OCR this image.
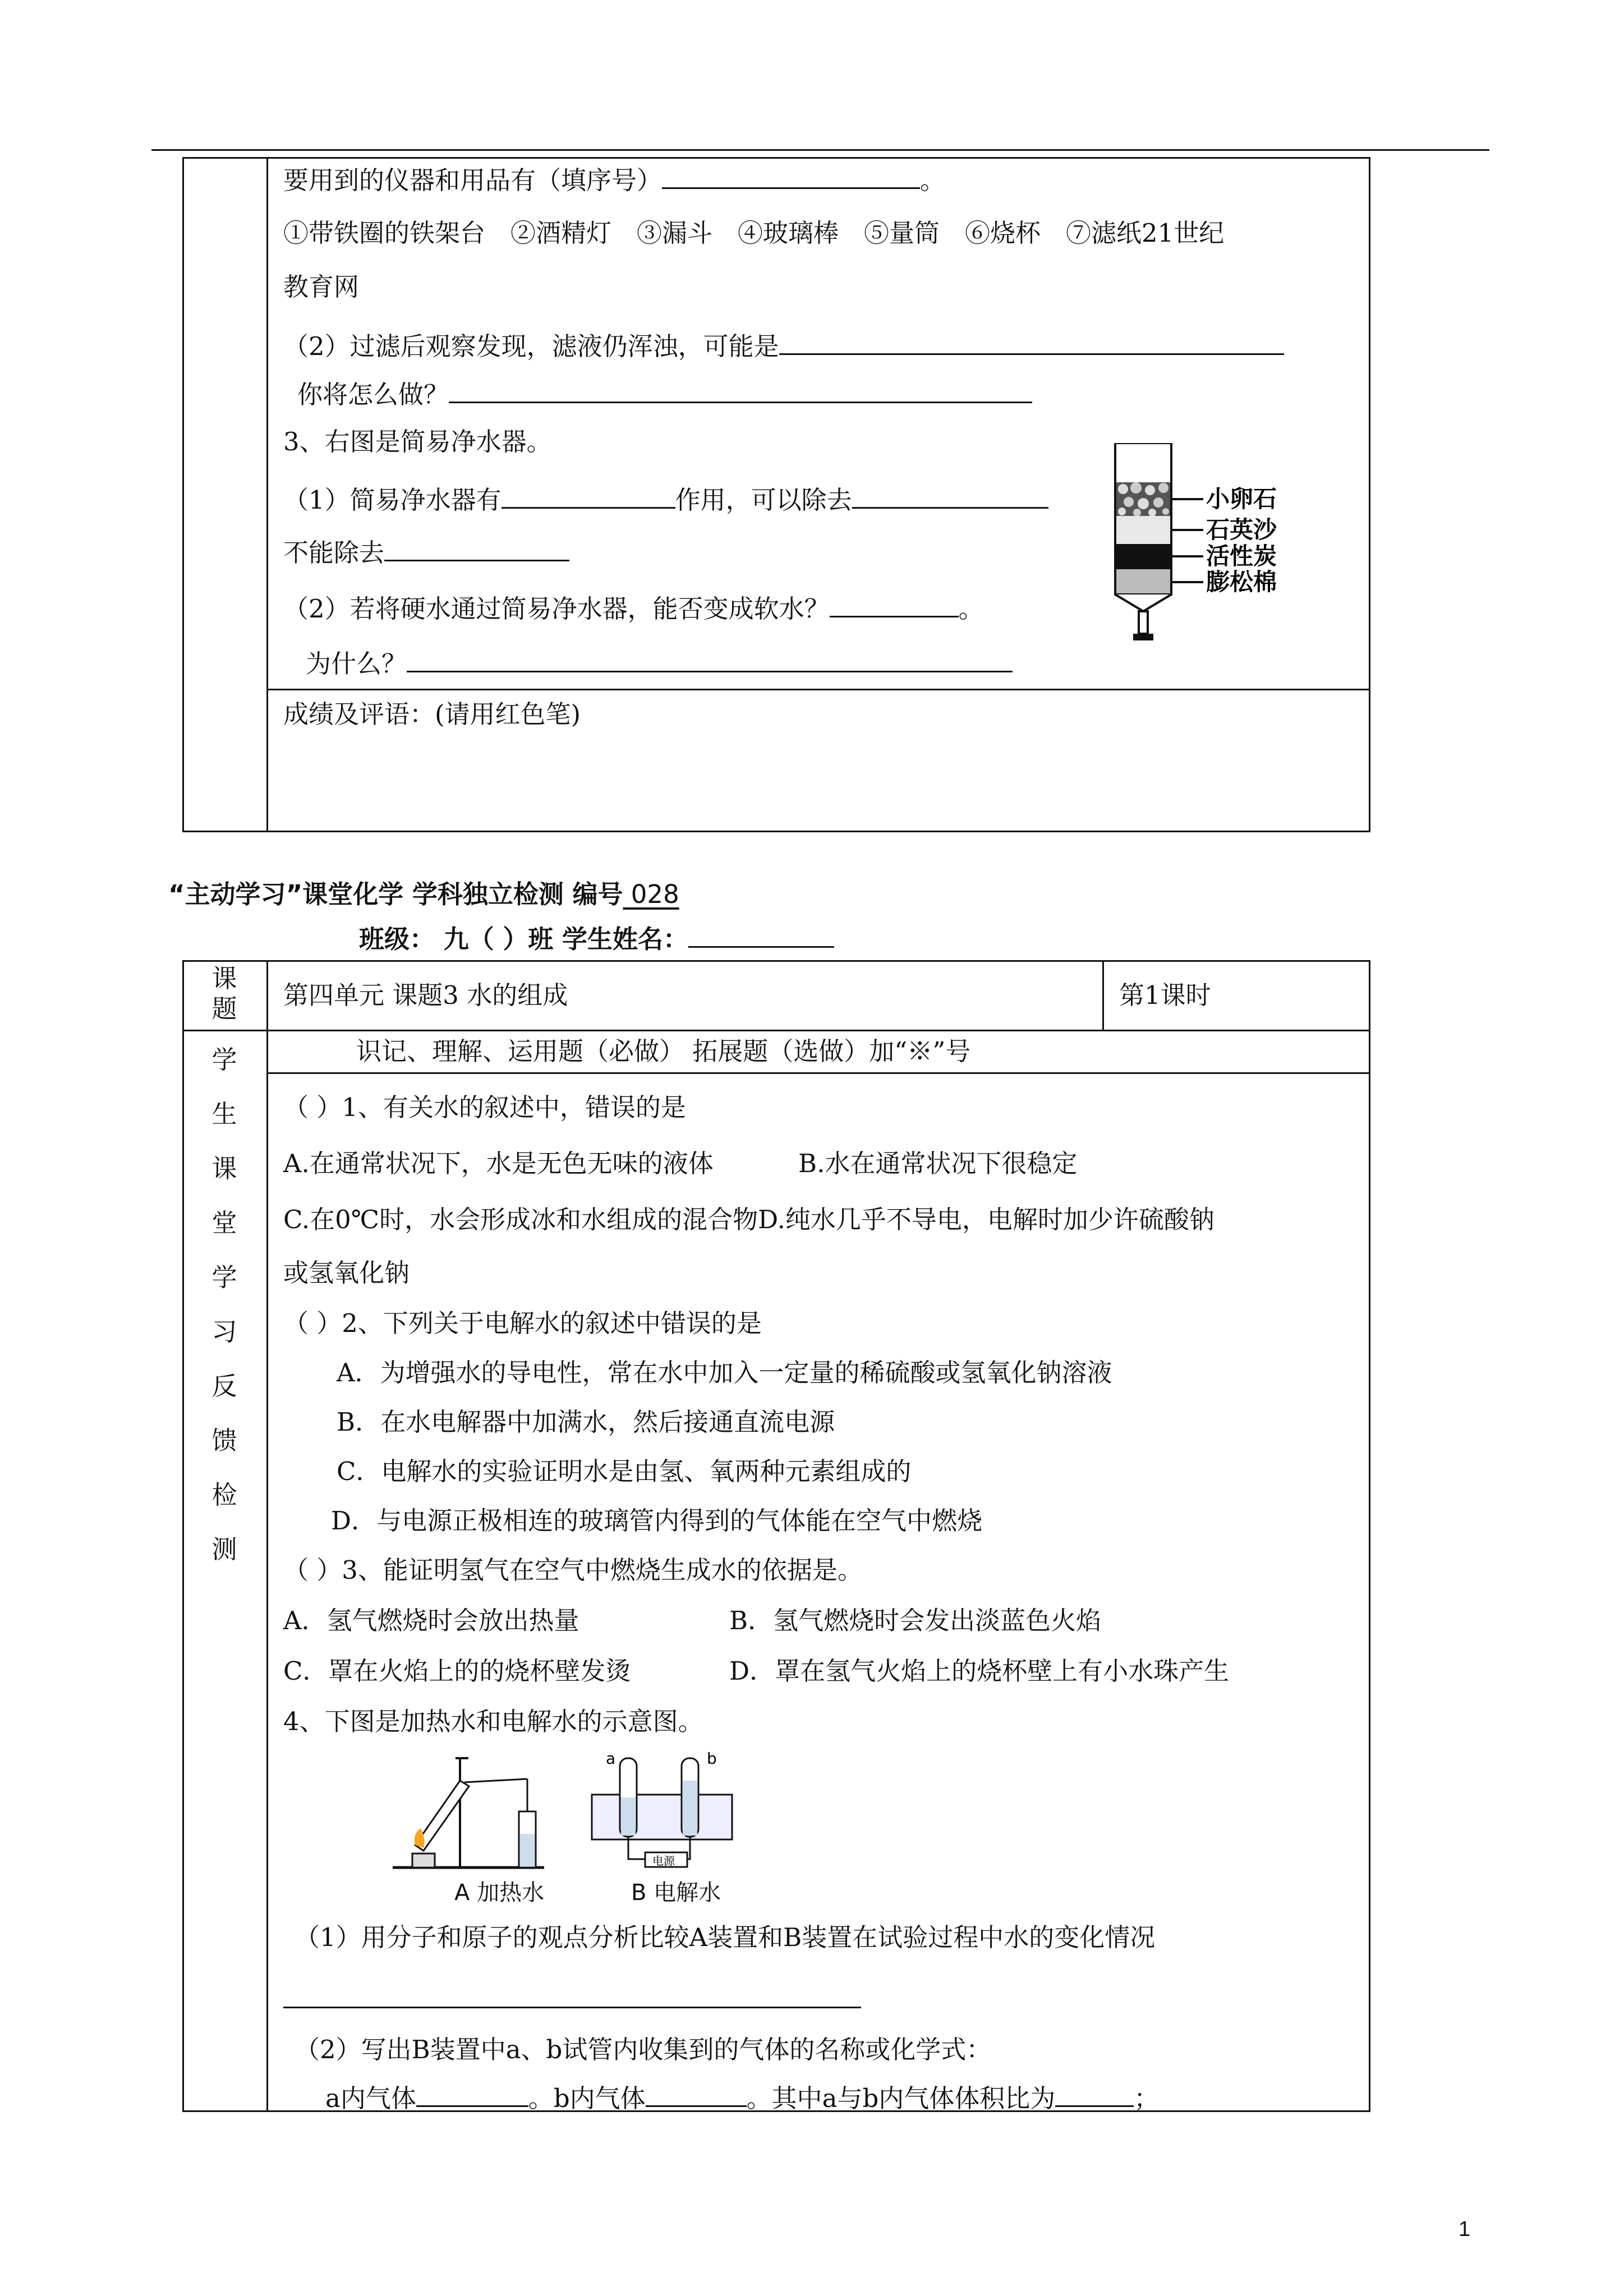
要用到的仪器和用品有（填序号）	。
①带铁圈的铁架台　②酒精灯　③漏斗　④玻璃棒　⑤量筒　⑥烧杯　⑦滤纸21世纪
教育网
（2）过滤后观察发现，滤液仍浑浊，可能是
你将怎么做？
3、右图是简易净水器。
（1）简易净水器有	作用，可以除去
不能除去
（2）若将硬水通过简易净水器，能否变成软水？	。
为什么？
小卵石
石英沙
活性炭
膨松棉
成绩及评语：(请用红色笔)
“主动学习”课堂化学 学科独立检测 编号 028
班级： 九（ ）班 学生姓名：
课题	第四单元 课题3 水的组成	第1课时
识记、理解、运用题（必做） 拓展题（选做）加“※”号
学
生
课
堂
学
习
反
馈
检
测
（ ）1、有关水的叙述中，错误的是
A.在通常状况下，水是无色无味的液体	B.水在通常状况下很稳定
C.在0℃时，水会形成冰和水组成的混合物D.纯水几乎不导电，电解时加少许硫酸钠
或氢氧化钠
（ ）2、下列关于电解水的叙述中错误的是
A．为增强水的导电性，常在水中加入一定量的稀硫酸或氢氧化钠溶液
B．在水电解器中加满水，然后接通直流电源
C．电解水的实验证明水是由氢、氧两种元素组成的
D．与电源正极相连的玻璃管内得到的气体能在空气中燃烧
（ ）3、能证明氢气在空气中燃烧生成水的依据是。
A．氢气燃烧时会放出热量	B．氢气燃烧时会发出淡蓝色火焰
C．罩在火焰上的的烧杯壁发烫	D．罩在氢气火焰上的烧杯壁上有小水珠产生
4、下图是加热水和电解水的示意图。
A 加热水
a	b
电源
B 电解水
（1）用分子和原子的观点分析比较A装置和B装置在试验过程中水的变化情况
（2）写出B装置中a、b试管内收集到的气体的名称或化学式：
a内气体	。b内气体	。其中a与b内气体体积比为	；
1
